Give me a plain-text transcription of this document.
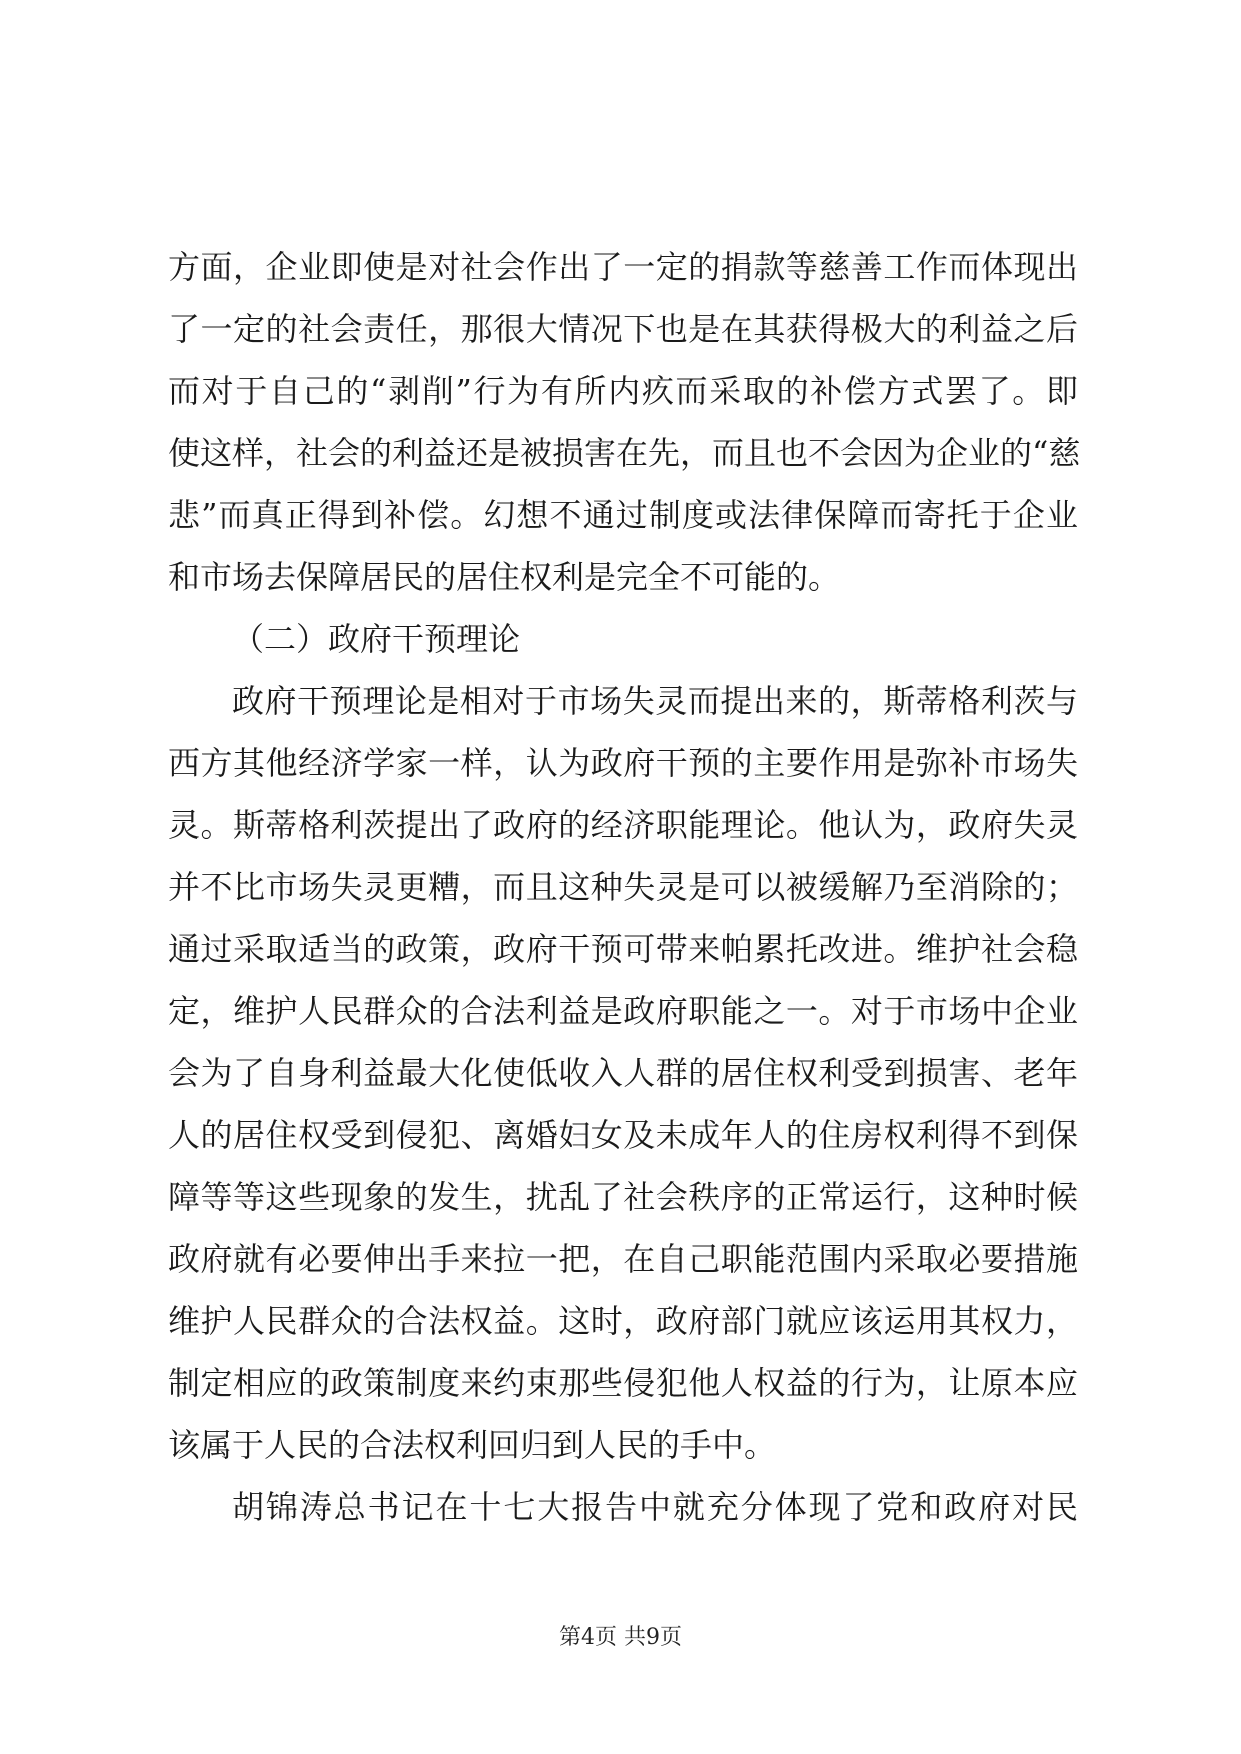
方面，企业即使是对社会作出了一定的捐款等慈善工作而体现出
了一定的社会责任，那很大情况下也是在其获得极大的利益之后
而对于自己的“剥削”行为有所内疚而采取的补偿方式罢了。即
使这样，社会的利益还是被损害在先，而且也不会因为企业的“慈
悲”而真正得到补偿。幻想不通过制度或法律保障而寄托于企业
和市场去保障居民的居住权利是完全不可能的。
（二）政府干预理论
政府干预理论是相对于市场失灵而提出来的，斯蒂格利茨与
西方其他经济学家一样，认为政府干预的主要作用是弥补市场失
灵。斯蒂格利茨提出了政府的经济职能理论。他认为，政府失灵
并不比市场失灵更糟，而且这种失灵是可以被缓解乃至消除的；
通过采取适当的政策，政府干预可带来帕累托改进。维护社会稳
定，维护人民群众的合法利益是政府职能之一。对于市场中企业
会为了自身利益最大化使低收入人群的居住权利受到损害、老年
人的居住权受到侵犯、离婚妇女及未成年人的住房权利得不到保
障等等这些现象的发生，扰乱了社会秩序的正常运行，这种时候
政府就有必要伸出手来拉一把，在自己职能范围内采取必要措施
维护人民群众的合法权益。这时，政府部门就应该运用其权力，
制定相应的政策制度来约束那些侵犯他人权益的行为，让原本应
该属于人民的合法权利回归到人民的手中。
胡锦涛总书记在十七大报告中就充分体现了党和政府对民
第4页 共9页
